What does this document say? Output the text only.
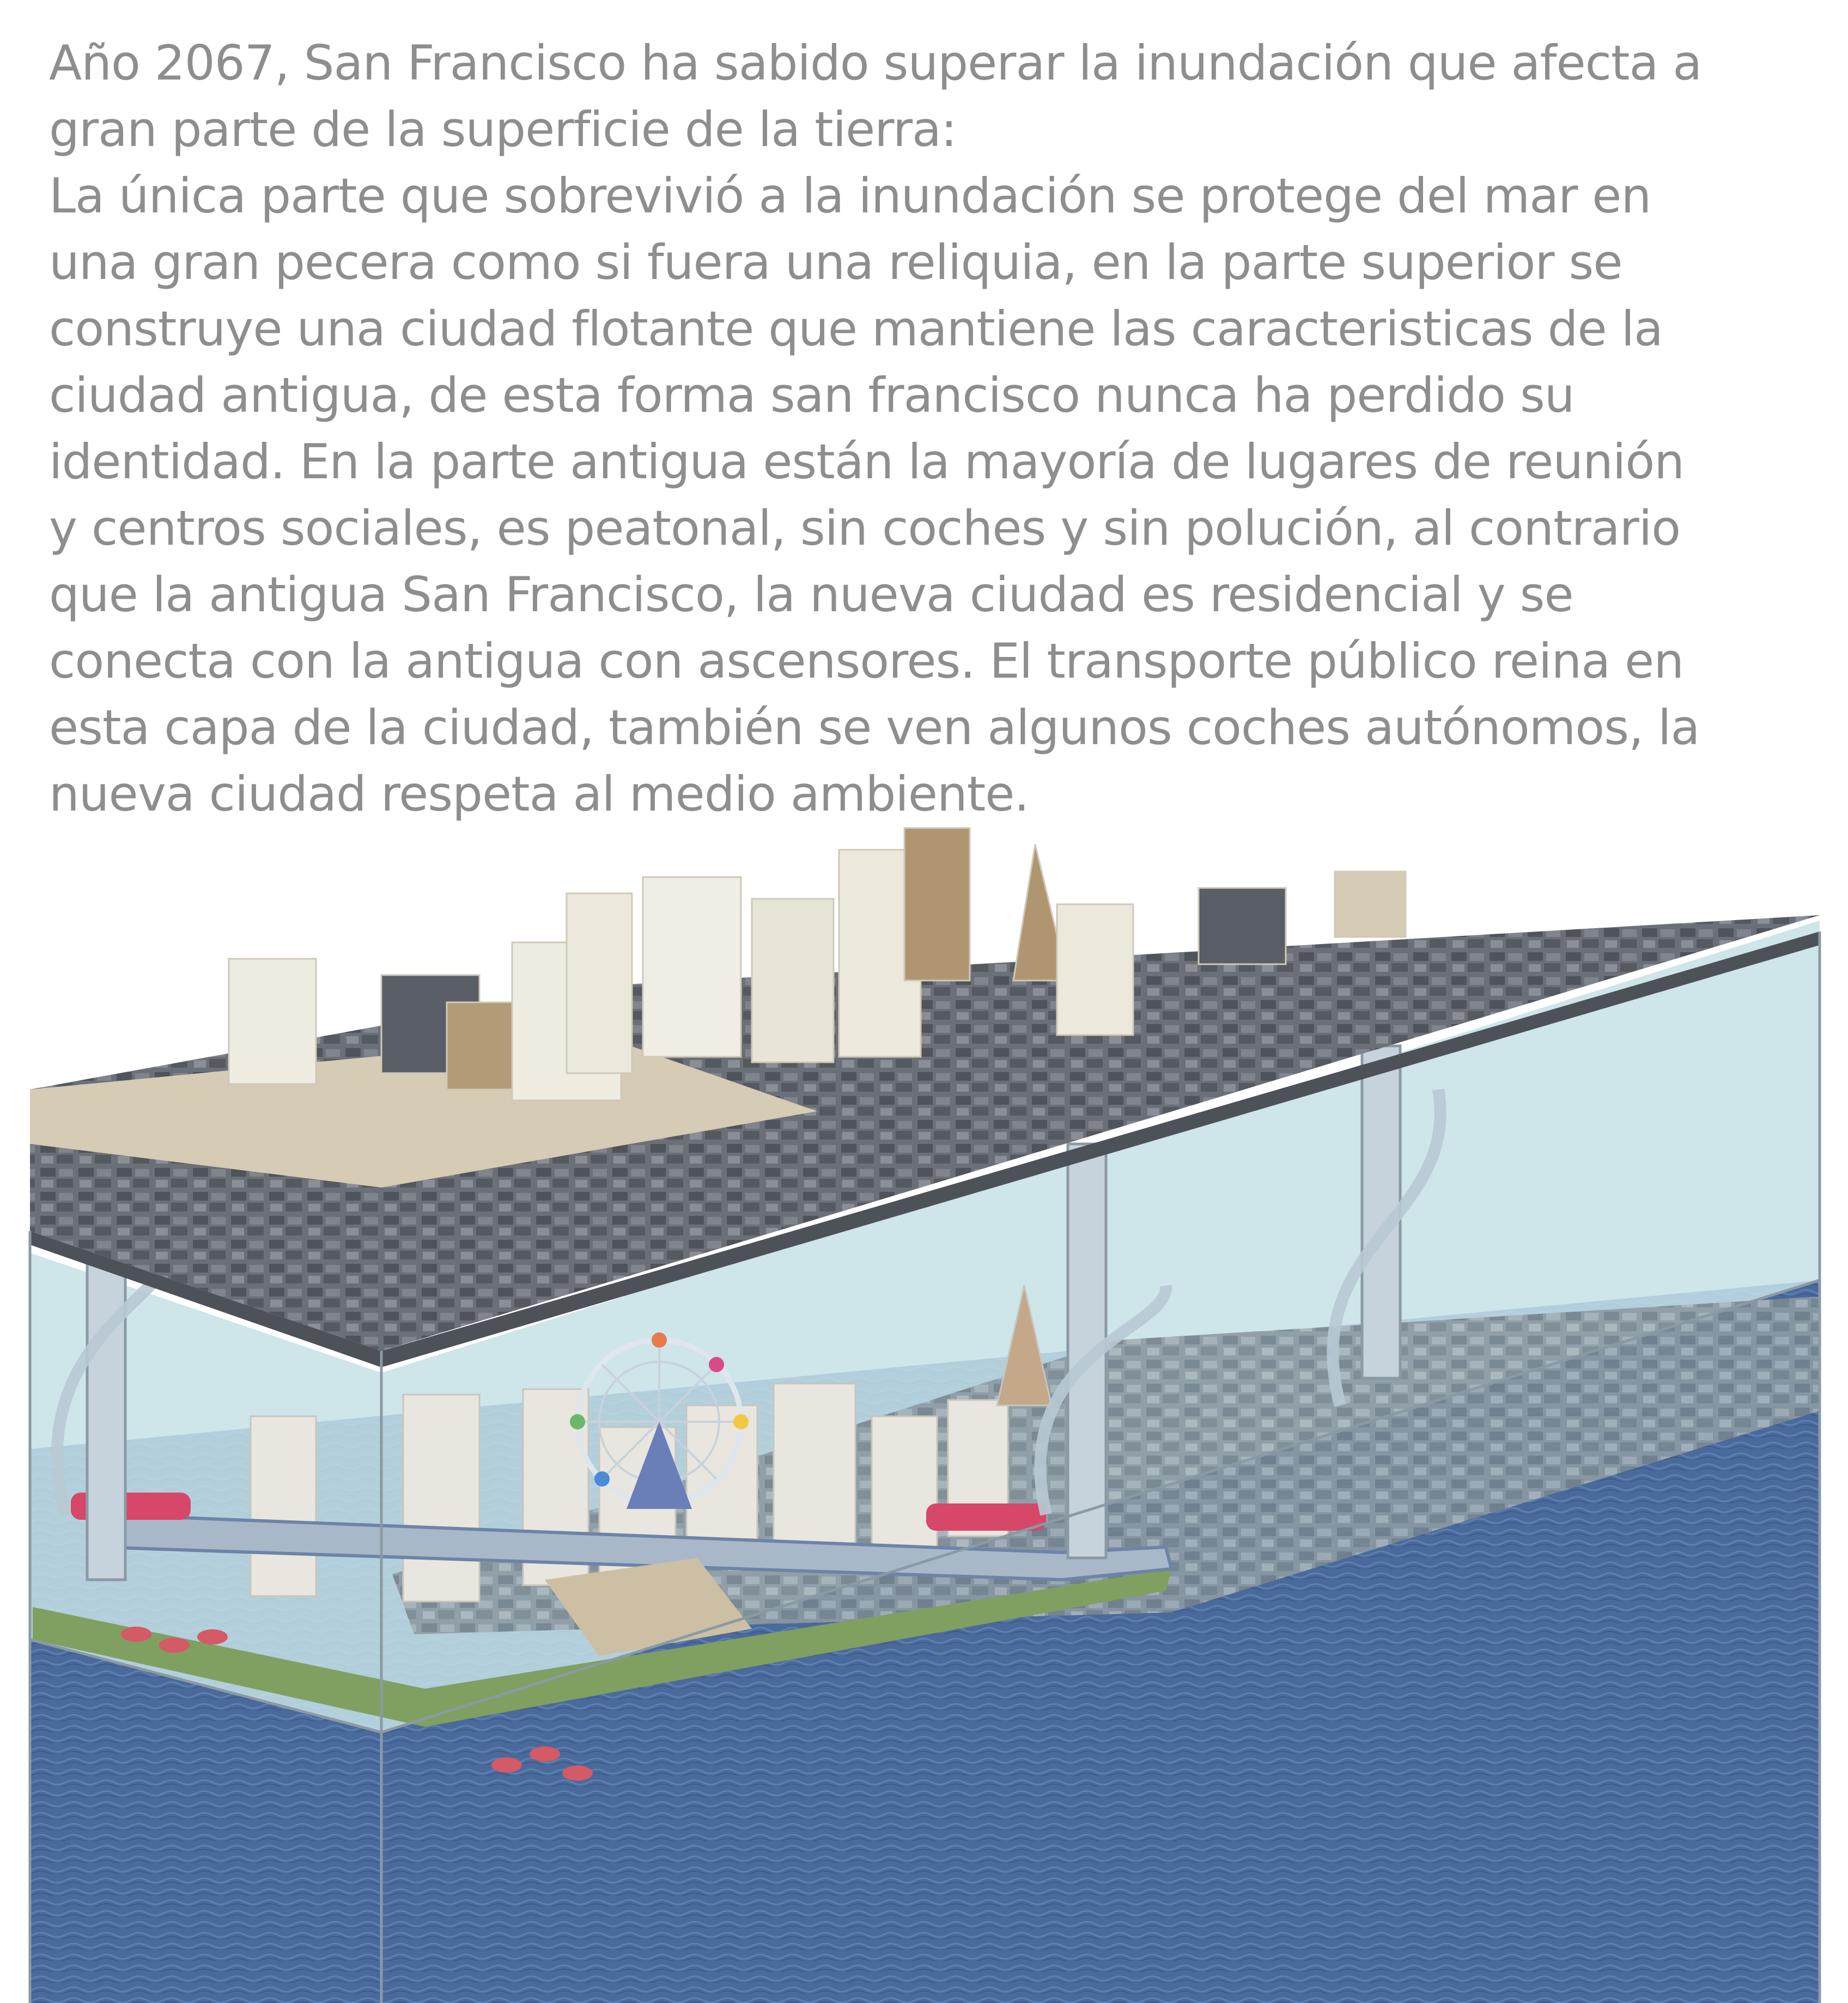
Año 2067, San Francisco ha sabido superar la inundación que afecta a gran parte de la superficie de la tierra:

La única parte que sobrevivió a la inundación se protege del mar en una gran pecera como si fuera una reliquia, en la parte superior se construye una ciudad flotante que mantiene las caracteristicas de la ciudad antigua, de esta forma san francisco nunca ha perdido su identidad. En la parte antigua están la mayoría de lugares de reunión y centros sociales, es peatonal, sin coches y sin polución, al contrario que la antigua San Francisco, la nueva ciudad es residencial y se conecta con la antigua con ascensores. El transporte público reina en esta capa de la ciudad, también se ven algunos coches autónomos, la nueva ciudad respeta al medio ambiente.
